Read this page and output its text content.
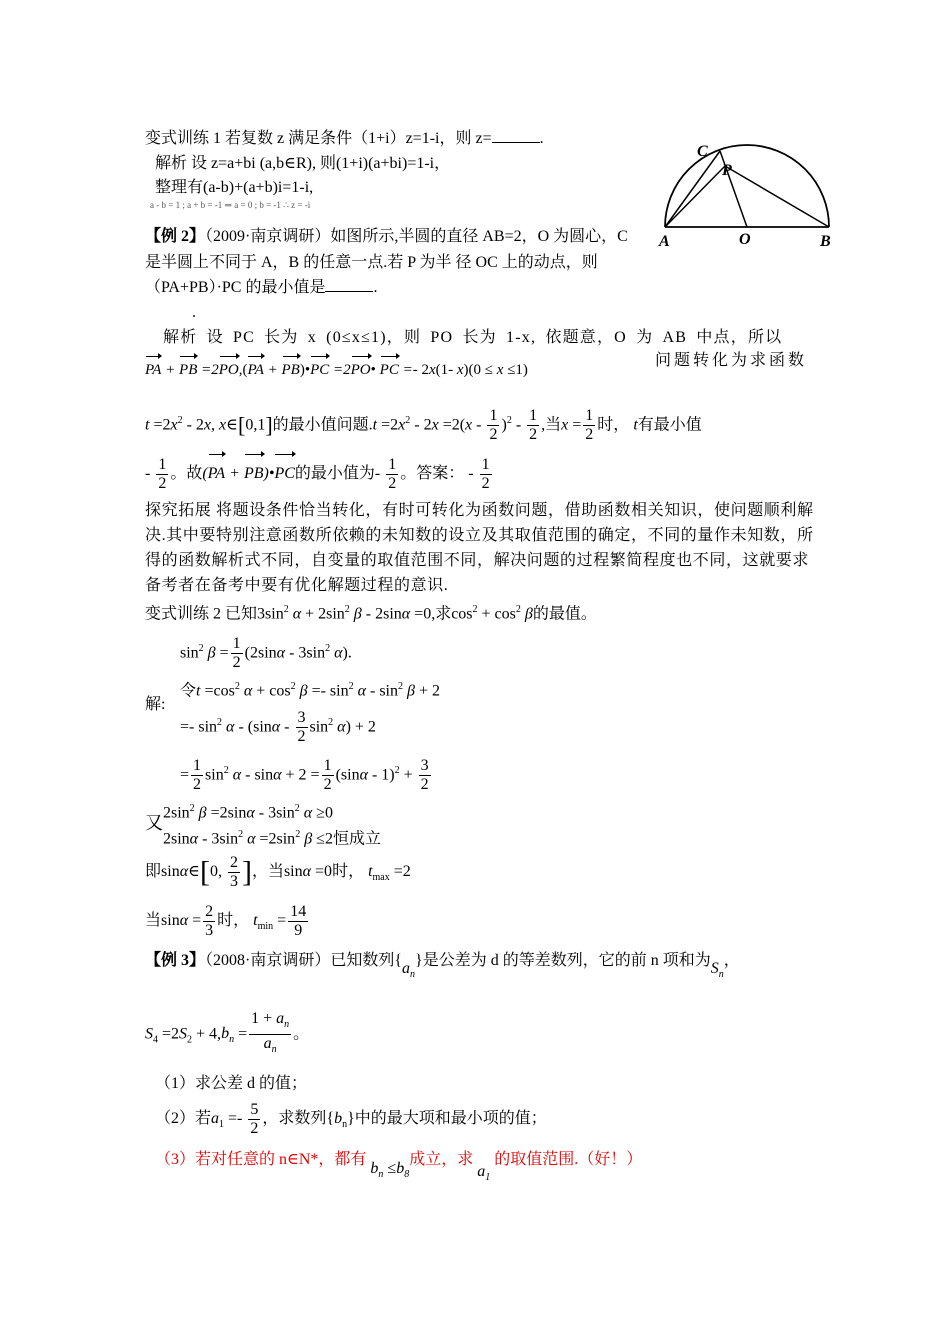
变式训练 1 若复数 z 满足条件（1+i）z=1-i，则 z=	.
解析 设 z=a+bi (a,b∈R), 则(1+i)(a+bi)=1-i，
整理有(a-b)+(a+b)i=1-i,
a - b = 1 ; a + b = -1 ⇒ a = 0 ; b = -1 ∴ z = -i
C
P
A	O	B
【例 2】（2009·南京调研）如图所示,半圆的直径 AB=2，O 为圆心，C
是半圆上不同于 A，B 的任意一点.若 P 为半 径 OC 上的动点，则
（PA+PB）·PC 的最小值是	.
.
解析 设 PC 长为 x (0≤x≤1)，则 PO 长为 1-x, 依题意，O 为 AB 中点，所以
PA + PB =2PO,(PA + PB)•PC =2PO• PC =- 2x(1- x)(0 ≤ x ≤1)
问题转化为求函数
$t =2x^2 - 2x$, x∈[0,1]的最小值问题$.t =2x^2 - 2x =2(x - \frac{1}{2} )^2 - \frac{1}{2}$ ,当$x = \frac{1}{2}$ 时， t有最小值
- $\frac{1}{2}$ 。故(PA + PB)•PC的最小值为- $\frac{1}{2}$ 。答案： - $\frac{1}{2}$
探究拓展 将题设条件恰当转化，有时可转化为函数问题，借助函数相关知识，使问题顺利解
决.其中要特别注意函数所依赖的未知数的设立及其取值范围的确定，不同的量作未知数，所
得的函数解析式不同，自变量的取值范围不同，解决问题的过程繁简程度也不同，这就要求
备考者在备考中要有优化解题过程的意识.
变式训练 2 已知$3\sin^2$ $\alpha + 2\sin^2$ β - 2sinα =0,求$\cos^2 + \cos^2 \beta$的最值。
$\sin^2 \beta = \frac{1}{2} (2\sin\alpha - 3\sin^2$ α).
令$t =\cos^2$ $\alpha + \cos^2 \beta =- \sin^2 \alpha - \sin^2 \beta + 2$
解:
=- $\sin^2 \alpha - (\sin\alpha - \frac{3}{2} \sin^2 \alpha) + 2$
= $\frac{1}{2} \sin^2 \alpha - \sin\alpha + 2 = \frac{1}{2} (\sin\alpha - 1)^2 + \frac{3}{2}$
又
$2\sin^2$ $\beta =2\sin\alpha - 3\sin^2$ α ≥0
$2\sin\alpha - 3\sin^2$ $\alpha =2\sin^2$ β ≤2恒成立
即sinα∈[0, $\frac{2}{3}$ ]，当sinα =0时， $t_{max} =2$
当$\sin\alpha = \frac{2}{3}$ 时， $t_{min} = \frac{14}{9}$
【例 3】（2008·南京调研）已知数列$\{a_n\}$是公差为 d 的等差数列，它的前 n 项和为$S_n$，
$S_4 =2S_2 + 4,b_n = \frac{1 + a_n}{a_n}$ 。
（1）求公差 d 的值；
（2）若$a_1 =- \frac{5}{2}$ ，求数列$\{b_n\}$中的最大项和最小项的值；
（3）若对任意的 n∈N*，都有 $b_n \le b_8$成立，求 $a_1$ 的取值范围.（好！）
